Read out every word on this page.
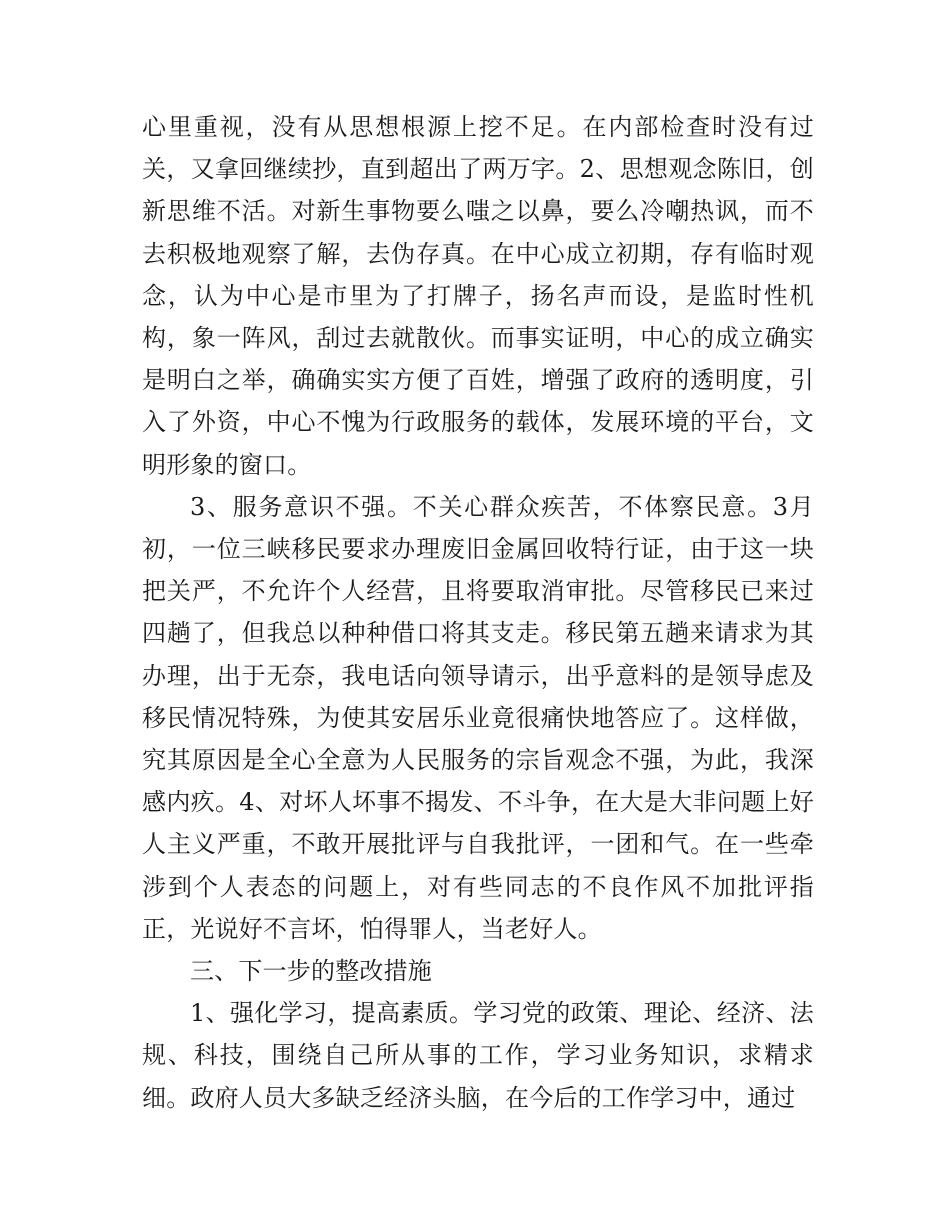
心里重视，没有从思想根源上挖不足。在内部检查时没有过关，又拿回继续抄，直到超出了两万字。2、思想观念陈旧，创新思维不活。对新生事物要么嗤之以鼻，要么冷嘲热讽，而不去积极地观察了解，去伪存真。在中心成立初期，存有临时观念，认为中心是市里为了打牌子，扬名声而设，是监时性机构，象一阵风，刮过去就散伙。而事实证明，中心的成立确实是明白之举，确确实实方便了百姓，增强了政府的透明度，引入了外资，中心不愧为行政服务的载体，发展环境的平台，文明形象的窗口。

3、服务意识不强。不关心群众疾苦，不体察民意。3月初，一位三峡移民要求办理废旧金属回收特行证，由于这一块把关严，不允许个人经营，且将要取消审批。尽管移民已来过四趟了，但我总以种种借口将其支走。移民第五趟来请求为其办理，出于无奈，我电话向领导请示，出乎意料的是领导虑及移民情况特殊，为使其安居乐业竟很痛快地答应了。这样做，究其原因是全心全意为人民服务的宗旨观念不强，为此，我深感内疚。4、对坏人坏事不揭发、不斗争，在大是大非问题上好人主义严重，不敢开展批评与自我批评，一团和气。在一些牵涉到个人表态的问题上，对有些同志的不良作风不加批评指正，光说好不言坏，怕得罪人，当老好人。

三、下一步的整改措施

1、强化学习，提高素质。学习党的政策、理论、经济、法规、科技，围绕自己所从事的工作，学习业务知识，求精求细。政府人员大多缺乏经济头脑，在今后的工作学习中，通过
